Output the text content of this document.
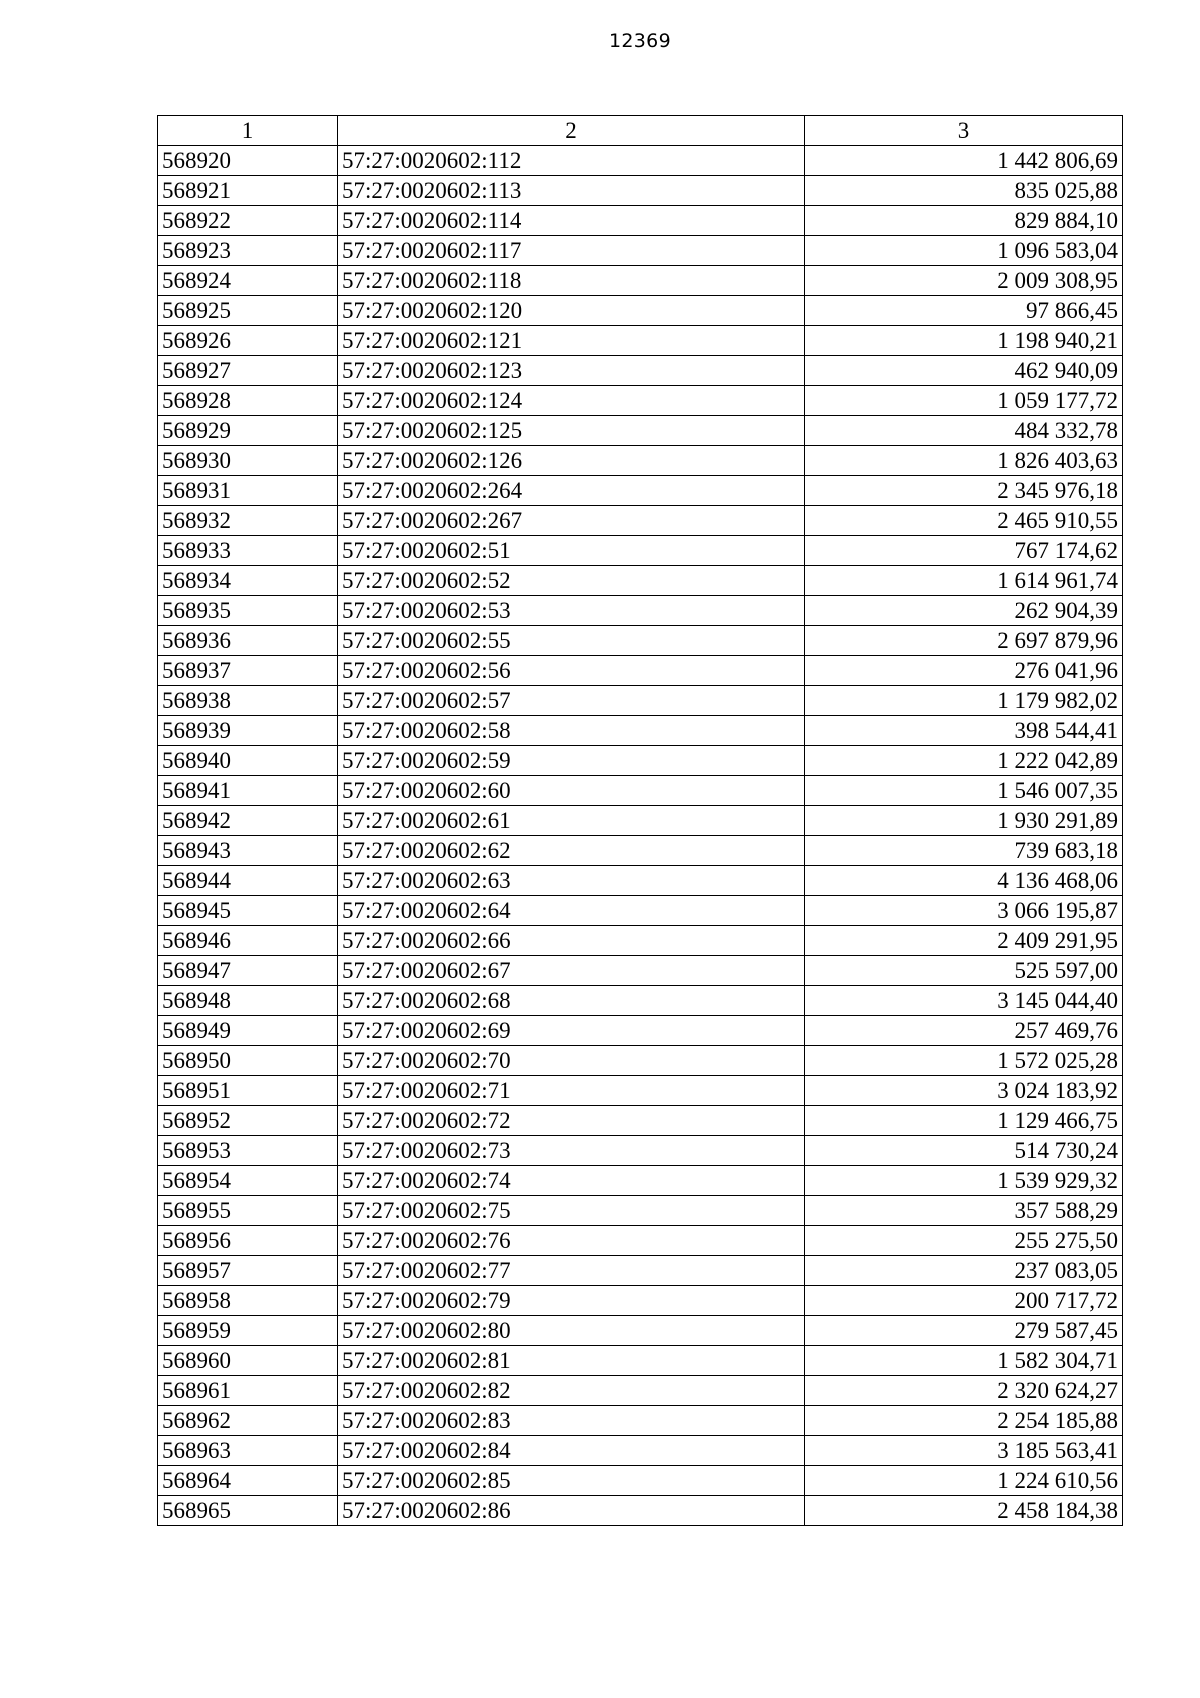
12369
1	2	3
568920	57:27:0020602:112	1 442 806,69
568921	57:27:0020602:113	835 025,88
568922	57:27:0020602:114	829 884,10
568923	57:27:0020602:117	1 096 583,04
568924	57:27:0020602:118	2 009 308,95
568925	57:27:0020602:120	97 866,45
568926	57:27:0020602:121	1 198 940,21
568927	57:27:0020602:123	462 940,09
568928	57:27:0020602:124	1 059 177,72
568929	57:27:0020602:125	484 332,78
568930	57:27:0020602:126	1 826 403,63
568931	57:27:0020602:264	2 345 976,18
568932	57:27:0020602:267	2 465 910,55
568933	57:27:0020602:51	767 174,62
568934	57:27:0020602:52	1 614 961,74
568935	57:27:0020602:53	262 904,39
568936	57:27:0020602:55	2 697 879,96
568937	57:27:0020602:56	276 041,96
568938	57:27:0020602:57	1 179 982,02
568939	57:27:0020602:58	398 544,41
568940	57:27:0020602:59	1 222 042,89
568941	57:27:0020602:60	1 546 007,35
568942	57:27:0020602:61	1 930 291,89
568943	57:27:0020602:62	739 683,18
568944	57:27:0020602:63	4 136 468,06
568945	57:27:0020602:64	3 066 195,87
568946	57:27:0020602:66	2 409 291,95
568947	57:27:0020602:67	525 597,00
568948	57:27:0020602:68	3 145 044,40
568949	57:27:0020602:69	257 469,76
568950	57:27:0020602:70	1 572 025,28
568951	57:27:0020602:71	3 024 183,92
568952	57:27:0020602:72	1 129 466,75
568953	57:27:0020602:73	514 730,24
568954	57:27:0020602:74	1 539 929,32
568955	57:27:0020602:75	357 588,29
568956	57:27:0020602:76	255 275,50
568957	57:27:0020602:77	237 083,05
568958	57:27:0020602:79	200 717,72
568959	57:27:0020602:80	279 587,45
568960	57:27:0020602:81	1 582 304,71
568961	57:27:0020602:82	2 320 624,27
568962	57:27:0020602:83	2 254 185,88
568963	57:27:0020602:84	3 185 563,41
568964	57:27:0020602:85	1 224 610,56
568965	57:27:0020602:86	2 458 184,38
